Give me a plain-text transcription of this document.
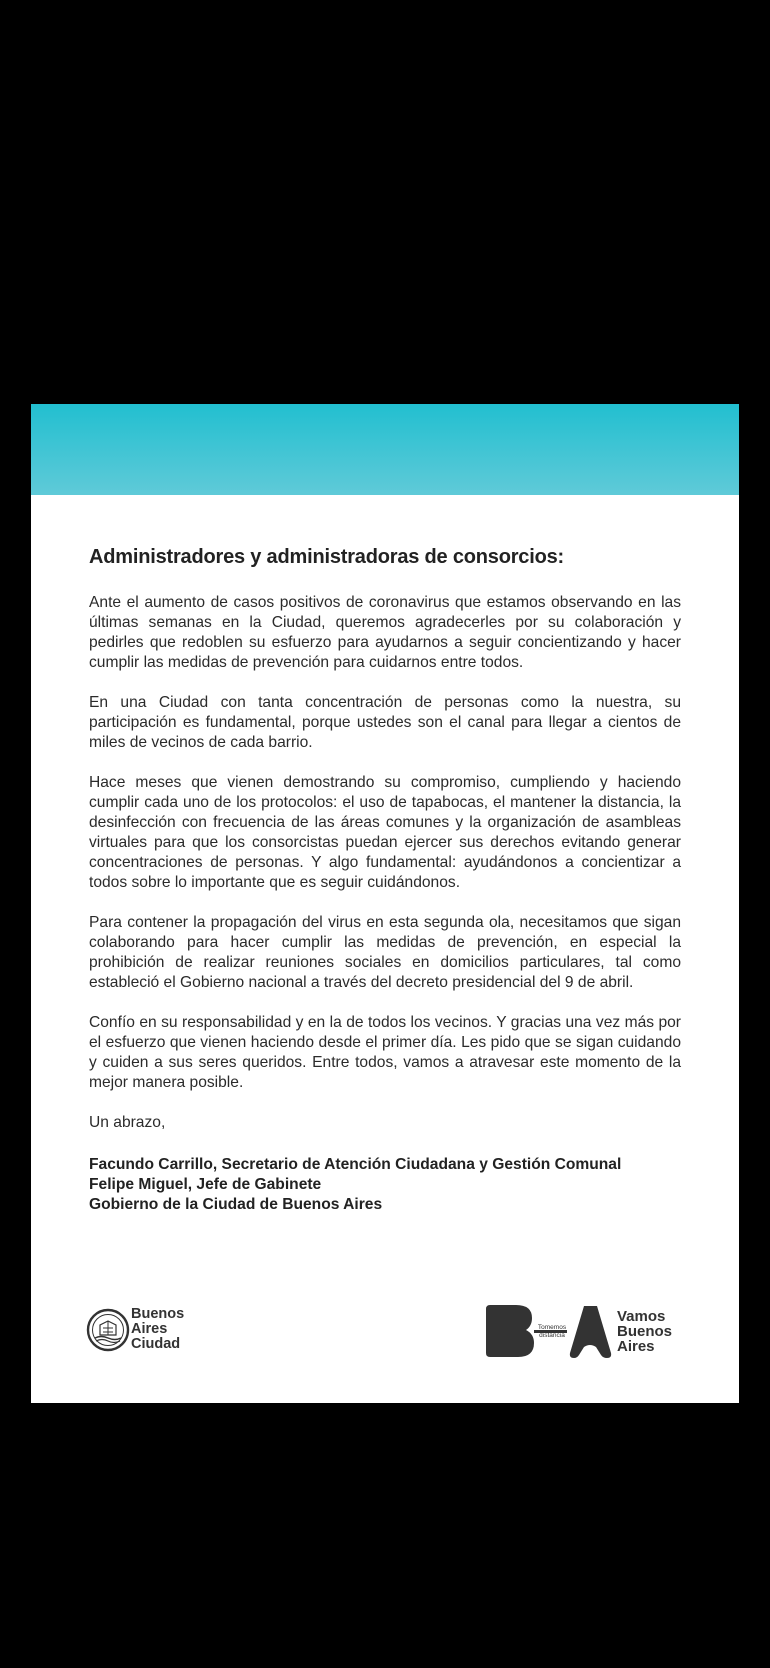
Administradores y administradoras de consorcios:

Ante el aumento de casos positivos de coronavirus que estamos observando en las últimas semanas en la Ciudad, queremos agradecerles por su colaboración y pedirles que redoblen su esfuerzo para ayudarnos a seguir concientizando y hacer cumplir las medidas de prevención para cuidarnos entre todos.

En una Ciudad con tanta concentración de personas como la nuestra, su participación es fundamental, porque ustedes son el canal para llegar a cientos de miles de vecinos de cada barrio.

Hace meses que vienen demostrando su compromiso, cumpliendo y haciendo cumplir cada uno de los protocolos: el uso de tapabocas, el mantener la distancia, la desinfección con frecuencia de las áreas comunes y la organización de asambleas virtuales para que los consorcistas puedan ejercer sus derechos evitando generar concentraciones de personas. Y algo fundamental: ayudándonos a concientizar a todos sobre lo importante que es seguir cuidándonos.

Para contener la propagación del virus en esta segunda ola, necesitamos que sigan colaborando para hacer cumplir las medidas de prevención, en especial la prohibición de realizar reuniones sociales en domicilios particulares, tal como estableció el Gobierno nacional a través del decreto presidencial del 9 de abril.

Confío en su responsabilidad y en la de todos los vecinos. Y gracias una vez más por el esfuerzo que vienen haciendo desde el primer día. Les pido que se sigan cuidando y cuiden a sus seres queridos. Entre todos, vamos a atravesar este momento de la mejor manera posible.

Un abrazo,

Facundo Carrillo, Secretario de Atención Ciudadana y Gestión Comunal

Felipe Miguel, Jefe de Gabinete

Gobierno de la Ciudad de Buenos Aires

Buenos
Aires
Ciudad
Tomemos
distancia
Vamos
Buenos
Aires
